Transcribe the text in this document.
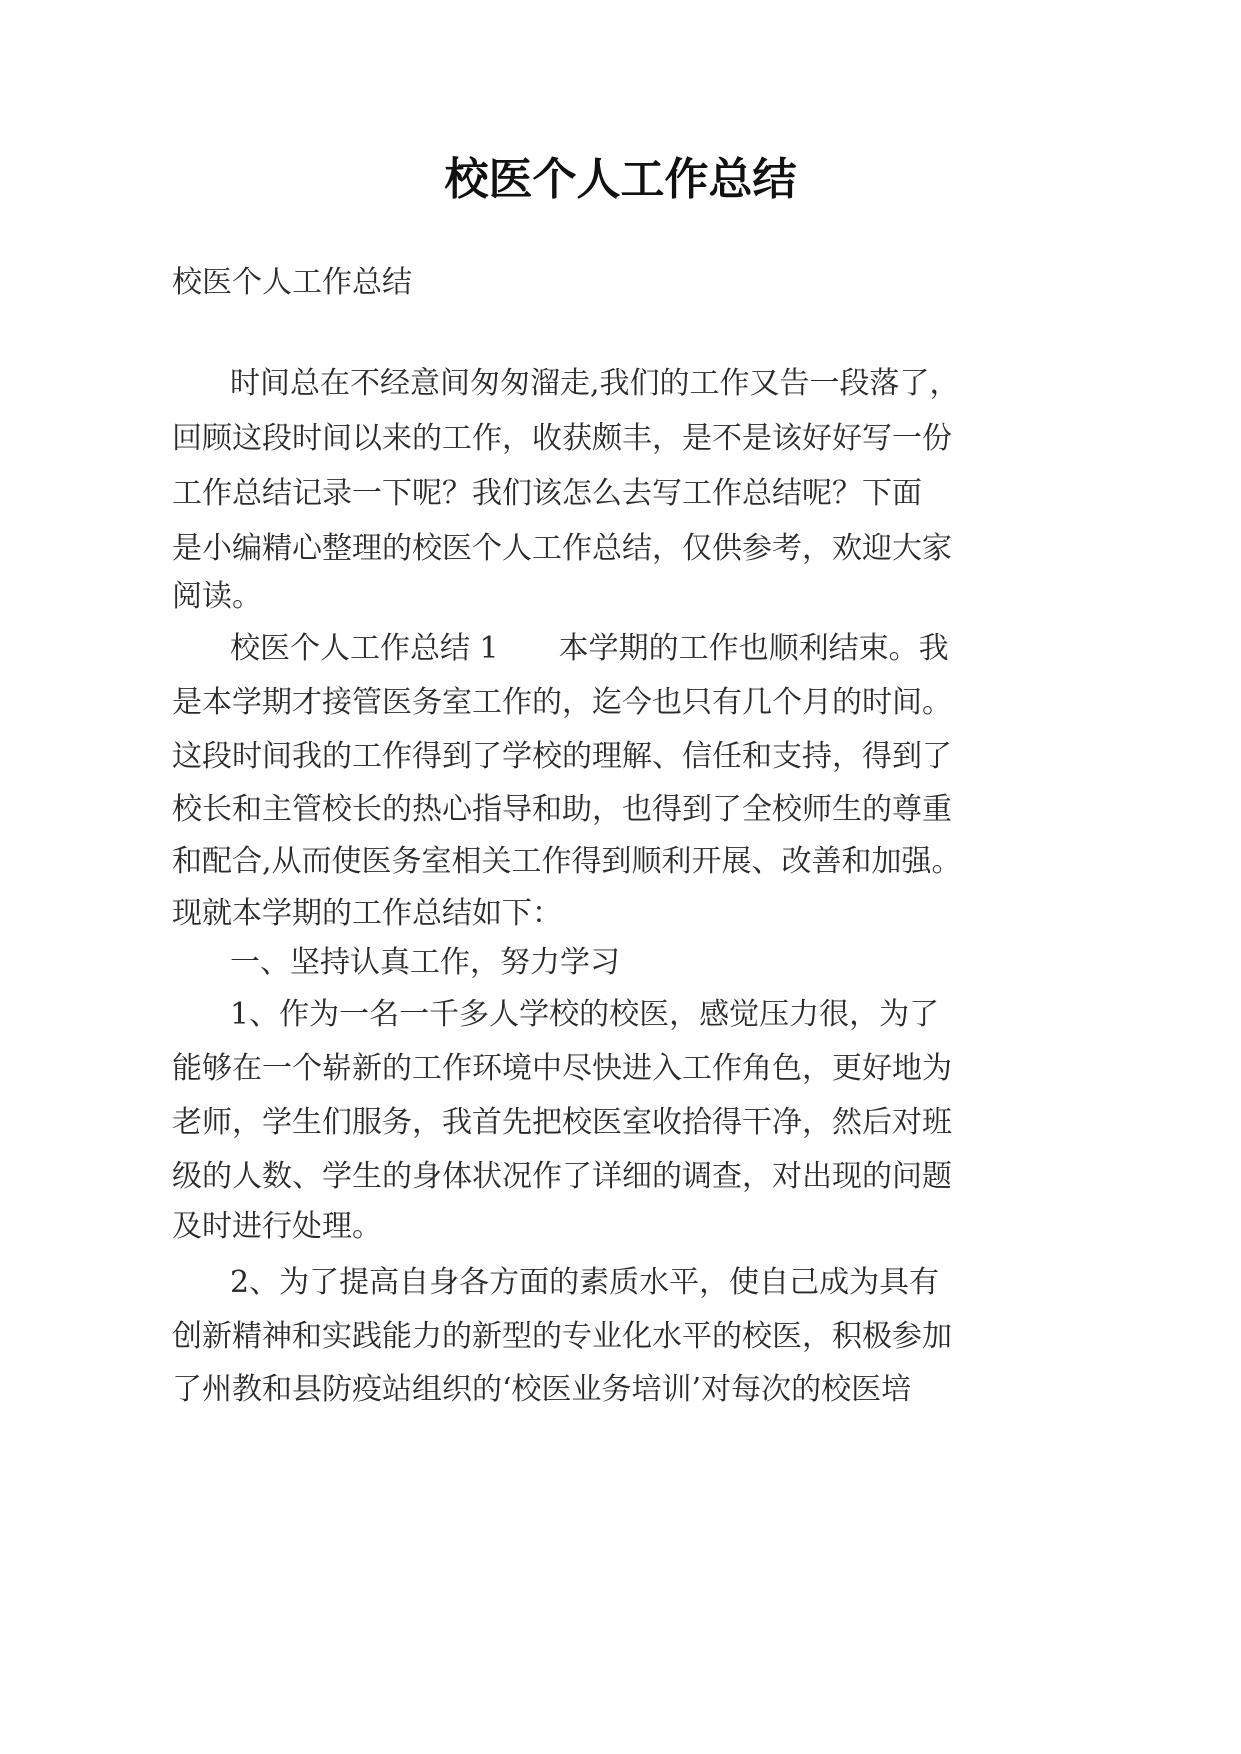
校医个人工作总结

校医个人工作总结

时间总在不经意间匆匆溜走,我们的工作又告一段落了，

回顾这段时间以来的工作，收获颇丰，是不是该好好写一份

工作总结记录一下呢？我们该怎么去写工作总结呢？下面

是小编精心整理的校医个人工作总结，仅供参考，欢迎大家

阅读。

校医个人工作总结 1　　本学期的工作也顺利结束。我

是本学期才接管医务室工作的，迄今也只有几个月的时间。

这段时间我的工作得到了学校的理解、信任和支持，得到了

校长和主管校长的热心指导和助，也得到了全校师生的尊重

和配合,从而使医务室相关工作得到顺利开展、改善和加强。

现就本学期的工作总结如下：

一、坚持认真工作，努力学习

1、作为一名一千多人学校的校医，感觉压力很，为了

能够在一个崭新的工作环境中尽快进入工作角色，更好地为

老师，学生们服务，我首先把校医室收拾得干净，然后对班

级的人数、学生的身体状况作了详细的调查，对出现的问题

及时进行处理。

2、为了提高自身各方面的素质水平，使自己成为具有

创新精神和实践能力的新型的专业化水平的校医，积极参加

了州教和县防疫站组织的‘校医业务培训’对每次的校医培
